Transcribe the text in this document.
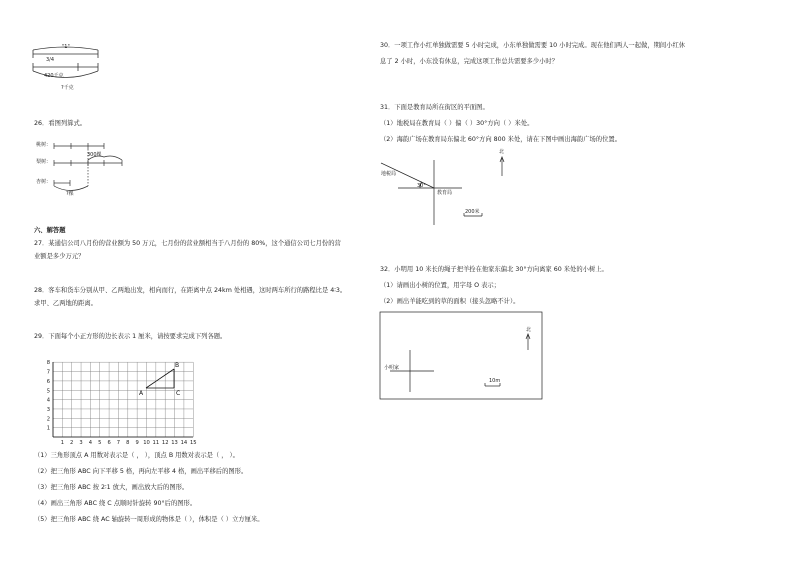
"1"
3/4
420千克
?千克
26．看图列算式。
桃树：
梨树：
杏树：
300棵
?棵
六、解答题
27．某通信公司八月份的营业额为 50 万元，七月份的营业额相当于八月份的 80%，这个通信公司七月份的营
业额是多少万元？
28．客车和货车分别从甲、乙两地出发，相向而行，在距离中点 24km 处相遇，这时两车所行的路程比是 4∶3。
求甲、乙两地的距离。
29．下面每个小正方形的边长表示 1 厘米，请按要求完成下列各题。
1 2 3 4 5 6 7 8 9 10 11 12 13 14 15
1
2
3
4
5
6
7
8
A
B
C
（1）三角形顶点 A 用数对表示是（ ， ），顶点 B 用数对表示是（ ， ）。
（2）把三角形 ABC 向下平移 5 格，再向左平移 4 格，画出平移后的图形。
（3）把三角形 ABC 按 2∶1 放大，画出放大后的图形。
（4）画出三角形 ABC 绕 C 点顺时针旋转 90°后的图形。
（5）把三角形 ABC 绕 AC 轴旋转一周形成的物体是（ ），体积是（ ）立方厘米。
30．一项工作小红单独做需要 5 小时完成，小东单独做需要 10 小时完成。现在他们两人一起做，期间小红休
息了 2 小时，小东没有休息，完成这项工作总共需要多少小时？
31．下面是教育局所在街区的平面图。
（1）地税局在教育局（ ）偏（ ）30°方向（ ）米处。
（2）海韵广场在教育局东偏北 60°方向 800 米处，请在下图中画出海韵广场的位置。
北
地税局
30°
教育局
200米
32．小明用 10 米长的绳子把羊拴在他家东偏北 30°方向离家 60 米处的小树上。
（1）请画出小树的位置，用字母 O 表示；
（2）画出羊能吃到的草的面积（接头忽略不计）。
北
小明家
10m
